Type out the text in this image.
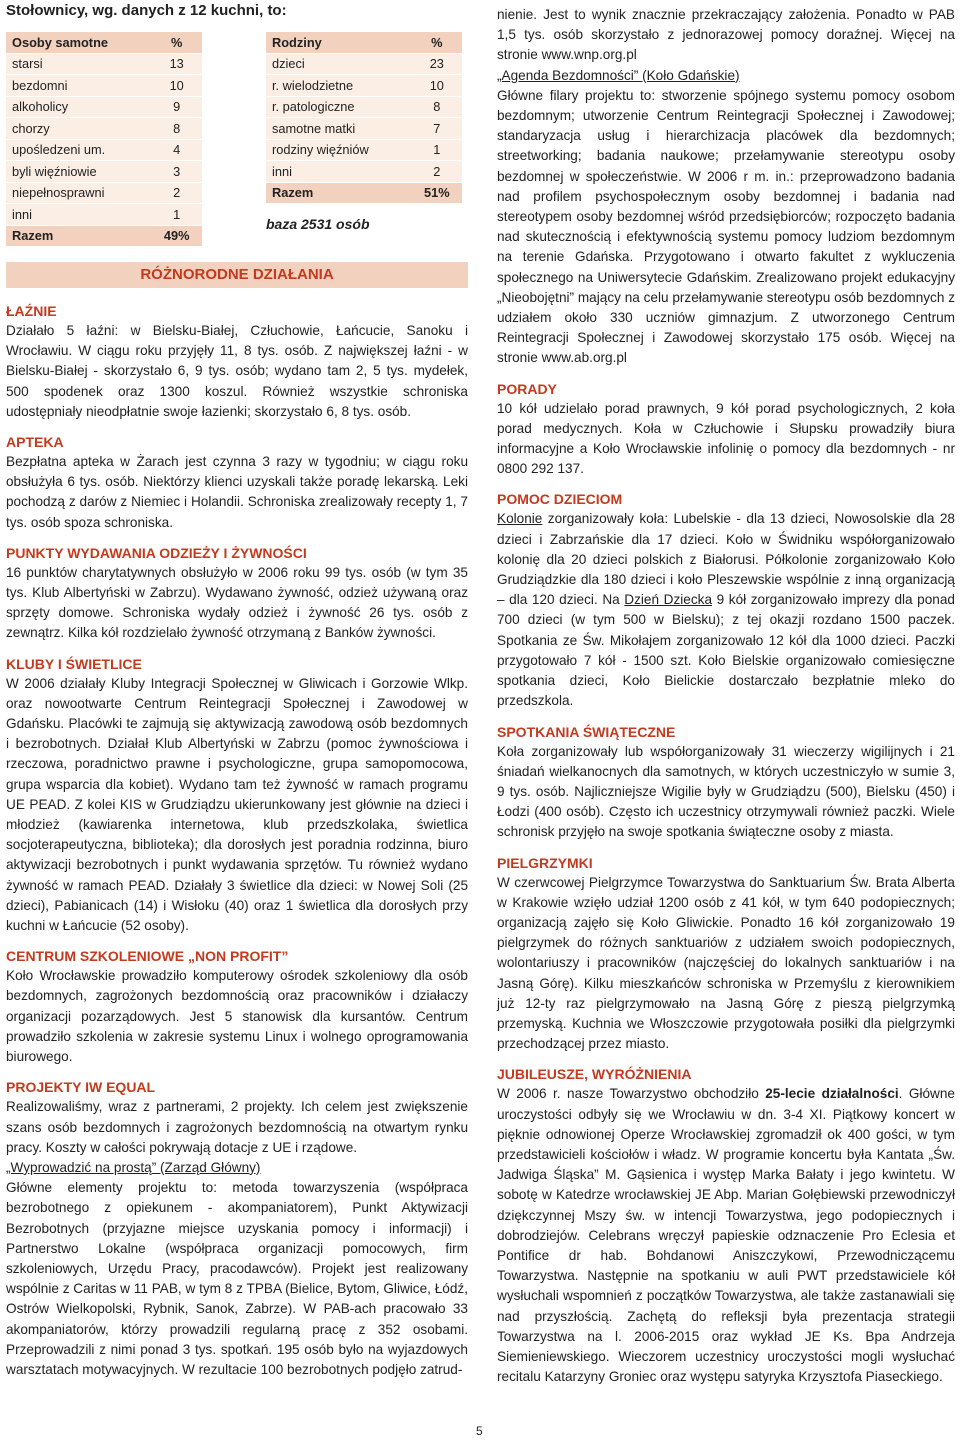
Stołownicy, wg. danych z 12 kuchni, to:
Osoby samotne	%
starsi	13
bezdomni	10
alkoholicy	9
chorzy	8
upośledzeni um.	4
byli więźniowie	3
niepełnosprawni	2
inni	1
Razem	49%
Rodziny	%
dzieci	23
r. wielodzietne	10
r. patologiczne	8
samotne matki	7
rodziny więźniów	1
inni	2
Razem	51%
baza 2531 osób
RÓŻNORODNE DZIAŁANIA

ŁAŹNIE

Działało 5 łaźni: w Bielsku-Białej, Człuchowie, Łańcucie, Sanoku i Wrocławiu. W ciągu roku przyjęły 11, 8 tys. osób. Z największej łaźni - w Bielsku-Białej - skorzystało 6, 9 tys. osób; wydano tam 2, 5 tys. mydełek, 500 spodenek oraz 1300 koszul. Również wszystkie schroniska udostępniały nieodpłatnie swoje łazienki; skorzystało 6, 8 tys. osób.

APTEKA

Bezpłatna apteka w Żarach jest czynna 3 razy w tygodniu; w ciągu roku obsłużyła 6 tys. osób. Niektórzy klienci uzyskali także poradę lekarską. Leki pochodzą z darów z Niemiec i Holandii. Schroniska zrealizowały recepty 1, 7 tys. osób spoza schroniska.

PUNKTY WYDAWANIA ODZIEŻY I ŻYWNOŚCI

16 punktów charytatywnych obsłużyło w 2006 roku 99 tys. osób (w tym 35 tys. Klub Albertyński w Zabrzu). Wydawano żywność, odzież używaną oraz sprzęty domowe. Schroniska wydały odzież i żywność 26 tys. osób z zewnątrz. Kilka kół rozdzielało żywność otrzymaną z Banków żywności.

KLUBY I ŚWIETLICE

W 2006 działały Kluby Integracji Społecznej w Gliwicach i Gorzowie Wlkp. oraz nowootwarte Centrum Reintegracji Społecznej i Zawodowej w Gdańsku. Placówki te zajmują się aktywizacją zawodową osób bezdomnych i bezrobotnych. Działał Klub Albertyński w Zabrzu (pomoc żywnościowa i rzeczowa, poradnictwo prawne i psychologiczne, grupa samopomocowa, grupa wsparcia dla kobiet). Wydano tam też żywność w ramach programu UE PEAD. Z kolei KIS w Grudziądzu ukierunkowany jest głównie na dzieci i młodzież (kawiarenka internetowa, klub przedszkolaka, świetlica socjoterapeutyczna, biblioteka); dla dorosłych jest poradnia rodzinna, biuro aktywizacji bezrobotnych i punkt wydawania sprzętów. Tu również wydano żywność w ramach PEAD. Działały 3 świetlice dla dzieci: w Nowej Soli (25 dzieci), Pabianicach (14) i Wisłoku (40) oraz 1 świetlica dla dorosłych przy kuchni w Łańcucie (52 osoby).

CENTRUM SZKOLENIOWE „NON PROFIT”

Koło Wrocławskie prowadziło komputerowy ośrodek szkoleniowy dla osób bezdomnych, zagrożonych bezdomnością oraz pracowników i działaczy organizacji pozarządowych. Jest 5 stanowisk dla kursantów. Centrum prowadziło szkolenia w zakresie systemu Linux i wolnego oprogramowania biurowego.

PROJEKTY IW EQUAL

Realizowaliśmy, wraz z partnerami, 2 projekty. Ich celem jest zwiększenie szans osób bezdomnych i zagrożonych bezdomnością na otwartym rynku pracy. Koszty w całości pokrywają dotacje z UE i rządowe.

„Wyprowadzić na prostą” (Zarząd Główny)

Główne elementy projektu to: metoda towarzyszenia (współpraca bezrobotnego z opiekunem - akompaniatorem), Punkt Aktywizacji Bezrobotnych (przyjazne miejsce uzyskania pomocy i informacji) i Partnerstwo Lokalne (współpraca organizacji pomocowych, firm szkoleniowych, Urzędu Pracy, pracodawców). Projekt jest realizowany wspólnie z Caritas w 11 PAB, w tym 8 z TPBA (Bielice, Bytom, Gliwice, Łódź, Ostrów Wielkopolski, Rybnik, Sanok, Zabrze). W PAB-ach pracowało 33 akompaniatorów, którzy prowadzili regularną pracę z 352 osobami. Przeprowadzili z nimi ponad 3 tys. spotkań. 195 osób było na wyjazdowych warsztatach motywacyjnych. W rezultacie 100 bezrobotnych podjęło zatrud-

nienie. Jest to wynik znacznie przekraczający założenia. Ponadto w PAB 1,5 tys. osób skorzystało z jednorazowej pomocy doraźnej. Więcej na stronie www.wnp.org.pl

„Agenda Bezdomności” (Koło Gdańskie)

Główne filary projektu to: stworzenie spójnego systemu pomocy osobom bezdomnym; utworzenie Centrum Reintegracji Społecznej i Zawodowej; standaryzacja usług i hierarchizacja placówek dla bezdomnych; streetworking; badania naukowe; przełamywanie stereotypu osoby bezdomnej w społeczeństwie. W 2006 r m. in.: przeprowadzono badania nad profilem psychospołecznym osoby bezdomnej i badania nad stereotypem osoby bezdomnej wśród przedsiębiorców; rozpoczęto badania nad skutecznością i efektywnością systemu pomocy ludziom bezdomnym na terenie Gdańska. Przygotowano i otwarto fakultet z wykluczenia społecznego na Uniwersytecie Gdańskim. Zrealizowano projekt edukacyjny „Nieobojętni” mający na celu przełamywanie stereotypu osób bezdomnych z udziałem około 330 uczniów gimnazjum. Z utworzonego Centrum Reintegracji Społecznej i Zawodowej skorzystało 175 osób. Więcej na stronie www.ab.org.pl

PORADY

10 kół udzielało porad prawnych, 9 kół porad psychologicznych, 2 koła porad medycznych. Koła w Człuchowie i Słupsku prowadziły biura informacyjne a Koło Wrocławskie infolinię o pomocy dla bezdomnych - nr 0800 292 137.

POMOC DZIECIOM

Kolonie zorganizowały koła: Lubelskie - dla 13 dzieci, Nowosolskie dla 28 dzieci i Zabrzańskie dla 17 dzieci. Koło w Świdniku współorganizowało kolonię dla 20 dzieci polskich z Białorusi. Półkolonie zorganizowało Koło Grudziądzkie dla 180 dzieci i koło Pleszewskie wspólnie z inną organizacją – dla 120 dzieci. Na Dzień Dziecka 9 kół zorganizowało imprezy dla ponad 700 dzieci (w tym 500 w Bielsku); z tej okazji rozdano 1500 paczek. Spotkania ze Św. Mikołajem zorganizowało 12 kół dla 1000 dzieci. Paczki przygotowało 7 kół - 1500 szt. Koło Bielskie organizowało comiesięczne spotkania dzieci, Koło Bielickie dostarczało bezpłatnie mleko do przedszkola.

SPOTKANIA ŚWIĄTECZNE

Koła zorganizowały lub współorganizowały 31 wieczerzy wigilijnych i 21 śniadań wielkanocnych dla samotnych, w których uczestniczyło w sumie 3, 9 tys. osób. Najliczniejsze Wigilie były w Grudziądzu (500), Bielsku (450) i Łodzi (400 osób). Często ich uczestnicy otrzymywali również paczki. Wiele schronisk przyjęło na swoje spotkania świąteczne osoby z miasta.

PIELGRZYMKI

W czerwcowej Pielgrzymce Towarzystwa do Sanktuarium Św. Brata Alberta w Krakowie wzięło udział 1200 osób z 41 kół, w tym 640 podopiecznych; organizacją zajęło się Koło Gliwickie. Ponadto 16 kół zorganizowało 19 pielgrzymek do różnych sanktuariów z udziałem swoich podopiecznych, wolontariuszy i pracowników (najczęściej do lokalnych sanktuariów i na Jasną Górę). Kilku mieszkańców schroniska w Przemyślu z kierownikiem już 12-ty raz pielgrzymowało na Jasną Górę z pieszą pielgrzymką przemyską. Kuchnia we Włoszczowie przygotowała posiłki dla pielgrzymki przechodzącej przez miasto.

JUBILEUSZE, WYRÓŻNIENIA

W 2006 r. nasze Towarzystwo obchodziło 25-lecie działalności. Główne uroczystości odbyły się we Wrocławiu w dn. 3-4 XI. Piątkowy koncert w pięknie odnowionej Operze Wrocławskiej zgromadził ok 400 gości, w tym przedstawicieli kościołów i władz. W programie koncertu była Kantata „Św. Jadwiga Śląska” M. Gąsienica i występ Marka Bałaty i jego kwintetu. W sobotę w Katedrze wrocławskiej JE Abp. Marian Gołębiewski przewodniczył dziękczynnej Mszy św. w intencji Towarzystwa, jego podopiecznych i dobrodziejów. Celebrans wręczył papieskie odznaczenie Pro Eclesia et Pontifice dr hab. Bohdanowi Aniszczykowi, Przewodniczącemu Towarzystwa. Następnie na spotkaniu w auli PWT przedstawiciele kół wysłuchali wspomnień z początków Towarzystwa, ale także zastanawiali się nad przyszłością. Zachętą do refleksji była prezentacja strategii Towarzystwa na l. 2006-2015 oraz wykład JE Ks. Bpa Andrzeja Siemieniewskiego. Wieczorem uczestnicy uroczystości mogli wysłuchać recitalu Katarzyny Groniec oraz występu satyryka Krzysztofa Piaseckiego.

5
